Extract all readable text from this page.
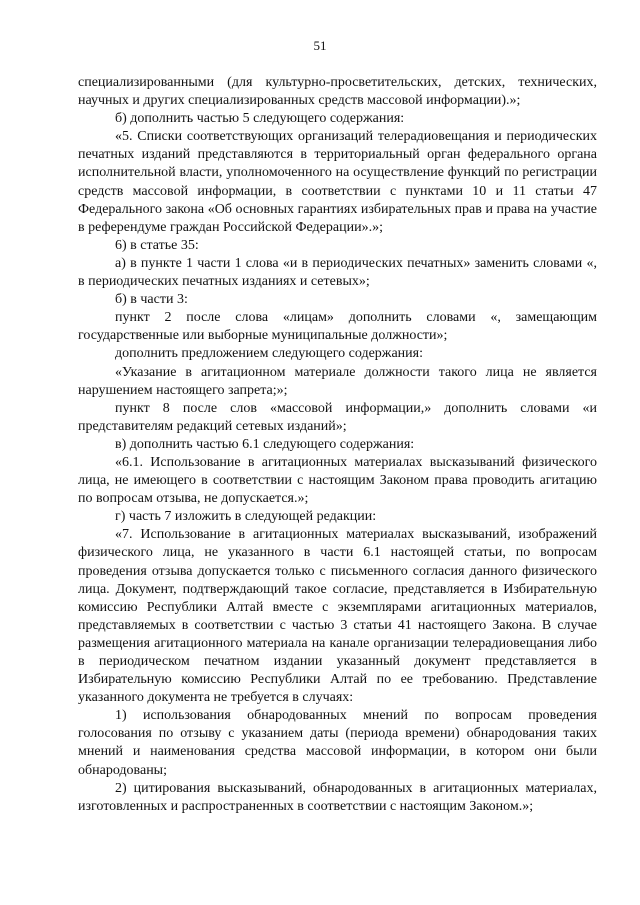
51

специализированными (для культурно-просветительских, детских, технических, научных и других специализированных средств массовой информации).»;

б) дополнить частью 5 следующего содержания:

«5. Списки соответствующих организаций телерадиовещания и периодических печатных изданий представляются в территориальный орган федерального органа исполнительной власти, уполномоченного на осуществление функций по регистрации средств массовой информации, в соответствии с пунктами 10 и 11 статьи 47 Федерального закона «Об основных гарантиях избирательных прав и права на участие в референдуме граждан Российской Федерации».»;

6) в статье 35:

а) в пункте 1 части 1 слова «и в периодических печатных» заменить словами «, в периодических печатных изданиях и сетевых»;

б) в части 3:

пункт 2 после слова «лицам» дополнить словами «, замещающим государственные или выборные муниципальные должности»;

дополнить предложением следующего содержания:

«Указание в агитационном материале должности такого лица не является нарушением настоящего запрета;»;

пункт 8 после слов «массовой информации,» дополнить словами «и представителям редакций сетевых изданий»;

в) дополнить частью 6.1 следующего содержания:

«6.1. Использование в агитационных материалах высказываний физического лица, не имеющего в соответствии с настоящим Законом права проводить агитацию по вопросам отзыва, не допускается.»;

г) часть 7 изложить в следующей редакции:

«7. Использование в агитационных материалах высказываний, изображений физического лица, не указанного в части 6.1 настоящей статьи, по вопросам проведения отзыва допускается только с письменного согласия данного физического лица. Документ, подтверждающий такое согласие, представляется в Избирательную комиссию Республики Алтай вместе с экземплярами агитационных материалов, представляемых в соответствии с частью 3 статьи 41 настоящего Закона. В случае размещения агитационного материала на канале организации телерадиовещания либо в периодическом печатном издании указанный документ представляется в Избирательную комиссию Республики Алтай по ее требованию. Представление указанного документа не требуется в случаях:

1) использования обнародованных мнений по вопросам проведения голосования по отзыву с указанием даты (периода времени) обнародования таких мнений и наименования средства массовой информации, в котором они были обнародованы;

2) цитирования высказываний, обнародованных в агитационных материалах, изготовленных и распространенных в соответствии с настоящим Законом.»;
